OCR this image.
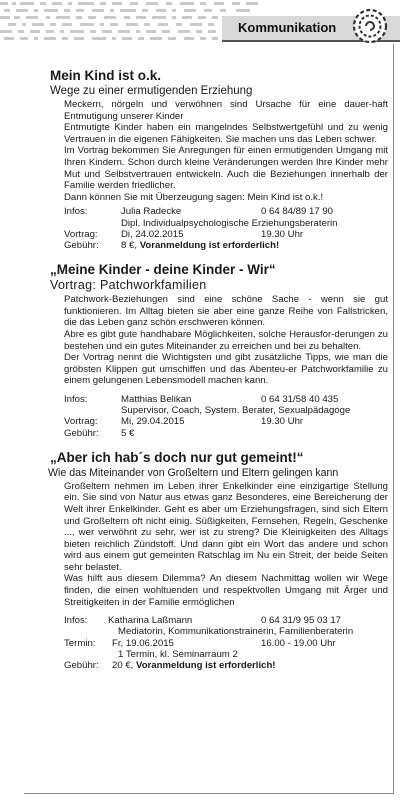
Kommunikation
Mein Kind ist o.k.
Wege zu einer ermutigenden Erziehung

Meckern, nörgeln und verwöhnen sind Ursache für eine dauer-haft Entmutigung unserer Kinder

Entmutigte Kinder haben ein mangelndes Selbstwertgefühl und zu wenig Vertrauen in die eigenen Fähigkeiten. Sie machen uns das Leben schwer.

Im Vortrag bekommen Sie Anregungen für einen ermutigenden Umgang mit Ihren Kindern. Schon durch kleine Veränderungen werden Ihre Kinder mehr Mut und Selbstvertrauen entwickeln. Auch die Beziehungen innerhalb der Familie werden friedlicher.

Dann können Sie mit Überzeugung sagen: Mein Kind ist o.k.!

Infos:	Julia Radecke	0 64 84/89 17 90
Dipl. Individualpsychologische Erziehungsberaterin
Vortrag:	Di, 24.02.2015	19.30 Uhr
Gebühr:	8 €, Voranmeldung ist erforderlich!
„Meine Kinder - deine Kinder - Wir“
Vortrag: Patchworkfamilien

Patchwork-Beziehungen sind eine schöne Sache - wenn sie gut funktionieren. Im Alltag bieten sie aber eine ganze Reihe von Fallstricken, die das Leben ganz schön erschweren können.

Abre es gibt gute handhabare Möglichkeiten, solche Herausfor-derungen zu bestehen und ein gutes Miteinander zu erreichen und bei zu behalten.

Der Vortrag nennt die Wichtigsten und gibt zusätzliche Tipps, wie man die gröbsten Klippen gut umschiffen und das Abenteu-er Patchworkfamilie zu einem gelungenen Lebensmodell machen kann.

Infos:	Matthias Belikan	0 64 31/58 40 435
Supervisor, Coach, System. Berater, Sexualpädagoge
Vortrag:	Mi, 29.04.2015	19.30 Uhr
Gebühr:	5 €
„Aber ich hab´s doch nur gut gemeint!“
Wie das Miteinander von Großeltern und Eltern gelingen kann

Großeltern nehmen im Leben ihrer Enkelkinder eine einzigartige Stellung ein. Sie sind von Natur aus etwas ganz Besonderes, eine Bereicherung der Welt ihrer Enkelkinder. Geht es aber um Erziehungsfragen, sind sich Eltern und Großeltern oft nicht einig. Süßigkeiten, Fernsehen, Regeln, Geschenke ..., wer verwöhnt zu sehr, wer ist zu streng? Die Kleinigkeiten des Alltags bieten reichlich Zündstoff. Und dann gibt ein Wort das andere und schon wird aus einem gut gemeinten Ratschlag im Nu ein Streit, der beide Seiten sehr belastet.

Was hilft aus diesem Dilemma? An diesem Nachmittag wollen wir Wege finden, die einen wohltuenden und respektvollen Umgang mit Ärger und Streitigkeiten in der Familie ermöglichen

Infos:	Katharina Laßmann	0 64 31/9 95 03 17
Mediatorin, Kommunikationstrainerin, Familienberaterin
Termin:	Fr, 19.06.2015	16.00 - 19.00 Uhr
1 Termin, kl. Seminarraum 2
Gebühr:	20 €, Voranmeldung ist erforderlich!
